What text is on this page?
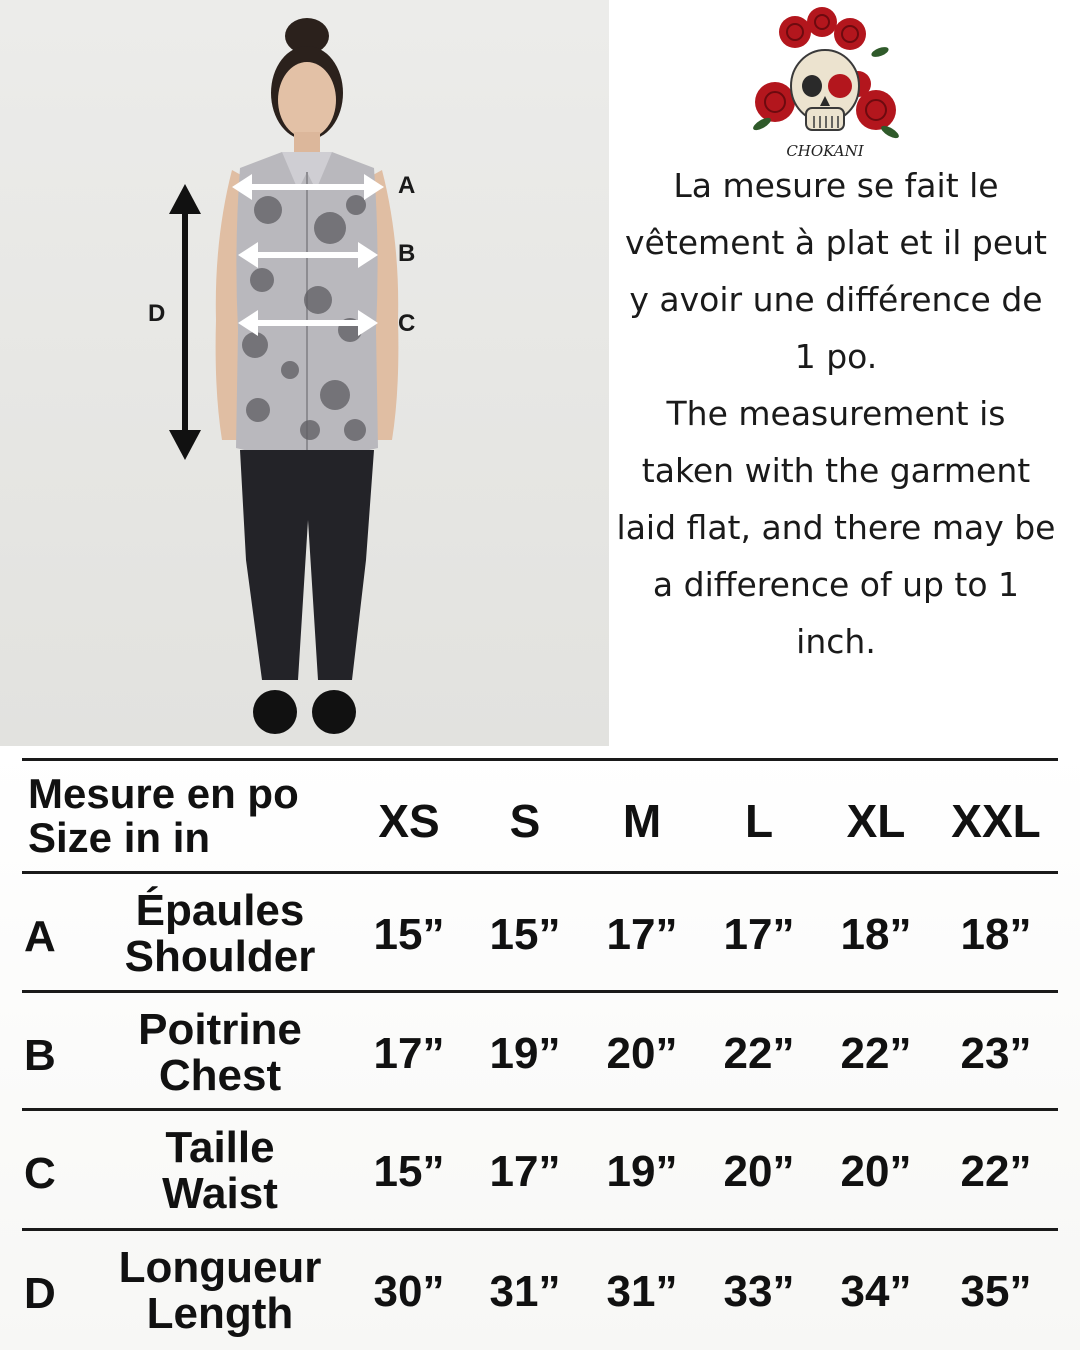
A
B
C
D
CHOKANI

La mesure se fait le vêtement à plat et il peut y avoir une différence de 1 po.

The measurement is taken with the garment laid flat, and there may be a difference of up to 1 inch.

Mesure en po
Size in in	XS	S	M	L	XL XXL
A
Épaules
Shoulder	15”	15”	17”	17”	18”	18”
B
Poitrine
Chest	17”	19”	20”	22”	22”	23”
C
Taille
Waist	15”	17”	19”	20”	20”	22”
D
Longueur
Length	30”	31”	31”	33”	34”	35”
